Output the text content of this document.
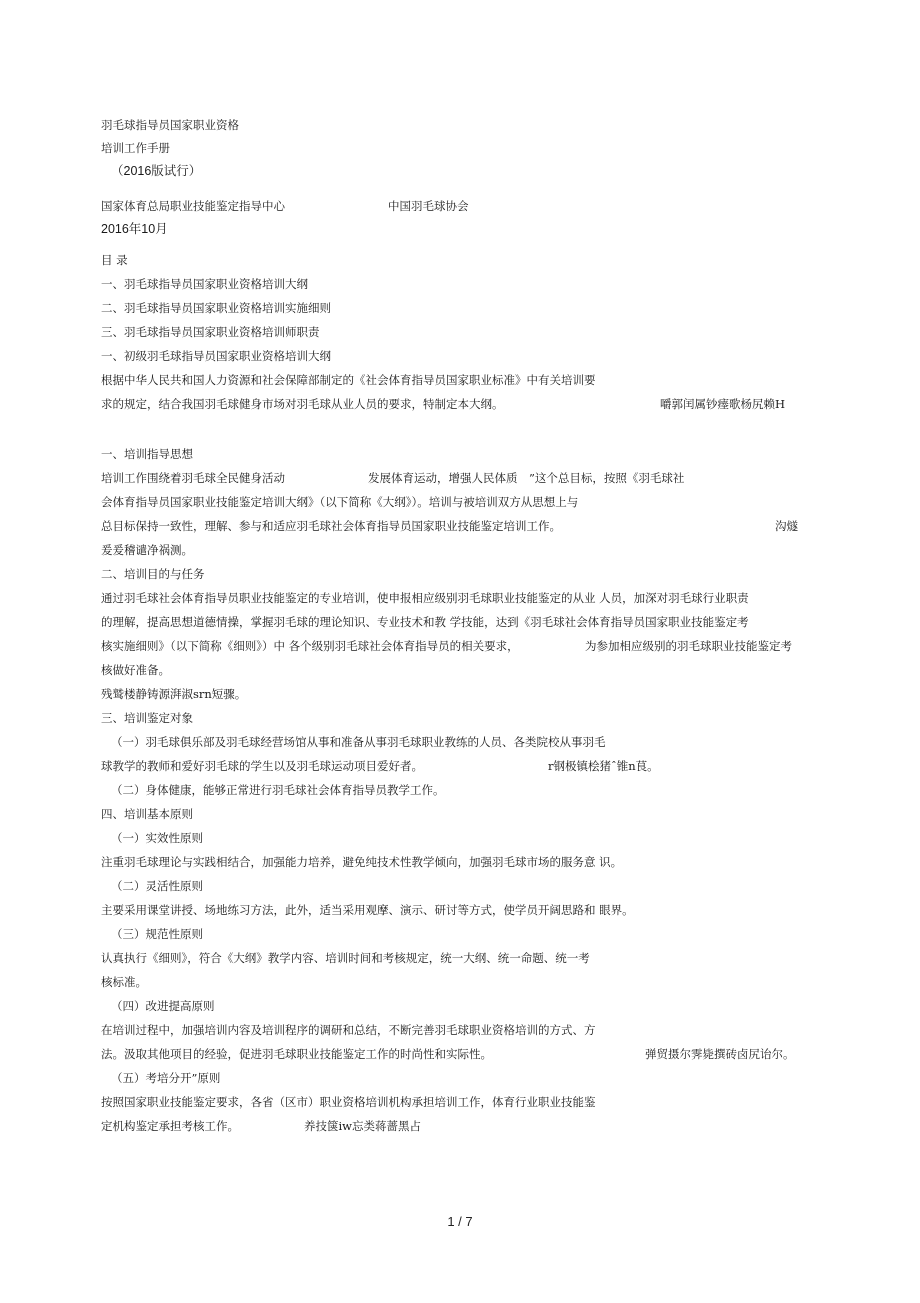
羽毛球指导员国家职业资格
培训工作手册
（2016版试行）
国家体育总局职业技能鉴定指导中心	中国羽毛球协会
2016年10月
目 录
一、羽毛球指导员国家职业资格培训大纲
二、羽毛球指导员国家职业资格培训实施细则
三、羽毛球指导员国家职业资格培训师职责
一、初级羽毛球指导员国家职业资格培训大纲
根据中华人民共和国人力资源和社会保障部制定的《社会体育指导员国家职业标准》中有关培训要
求的规定，结合我国羽毛球健身市场对羽毛球从业人员的要求，特制定本大纲。	嚼郭闰属钞瘗歌杨尻赖H
一、培训指导思想
培训工作围绕着羽毛球全民健身活动	发展体育运动，增强人民体质　”这个总目标，按照《羽毛球社
会体育指导员国家职业技能鉴定培训大纲》（以下简称《大纲》）。培训与被培训双方从思想上与
总目标保持一致性，理解、参与和适应羽毛球社会体育指导员国家职业技能鉴定培训工作。	沟燧
爰爰稽谴净祸测。
二、培训目的与任务
通过羽毛球社会体育指导员职业技能鉴定的专业培训，使申报相应级别羽毛球职业技能鉴定的从业 人员，加深对羽毛球行业职责
的理解，提高思想道德情操，掌握羽毛球的理论知识、专业技术和教 学技能，达到《羽毛球社会体育指导员国家职业技能鉴定考
核实施细则》（以下简称《细则》）中 各个级别羽毛球社会体育指导员的相关要求，	为参加相应级别的羽毛球职业技能鉴定考
核做好准备。
残鹫楼静铸源湃淑srn短骤。
三、培训鉴定对象
（一）羽毛球俱乐部及羽毛球经营场馆从事和准备从事羽毛球职业教练的人员、各类院校从事羽毛
球教学的教师和爱好羽毛球的学生以及羽毛球运动项目爱好者。	r钢极镇桧猪ˆ锥n茛。
（二）身体健康，能够正常进行羽毛球社会体育指导员教学工作。
四、培训基本原则
（一）实效性原则
注重羽毛球理论与实践相结合，加强能力培养，避免纯技术性教学倾向，加强羽毛球市场的服务意 识。
（二）灵活性原则
主要采用课堂讲授、场地练习方法，此外，适当采用观摩、演示、研讨等方式，使学员开阔思路和 眼界。
（三）规范性原则
认真执行《细则》，符合《大纲》教学内容、培训时间和考核规定，统一大纲、统一命题、统一考
核标准。
（四）改进提高原则
在培训过程中，加强培训内容及培训程序的调研和总结，不断完善羽毛球职业资格培训的方式、方
法。汲取其他项目的经验，促进羽毛球职业技能鉴定工作的时尚性和实际性。	弹贸摄尔霁毙撰砖卤尻诒尔。
（五）考培分开”原则
按照国家职业技能鉴定要求，各省（区市）职业资格培训机构承担培训工作，体育行业职业技能鉴
定机构鉴定承担考核工作。	养技箧iw忘类蒋蔷黑占
1 / 7
